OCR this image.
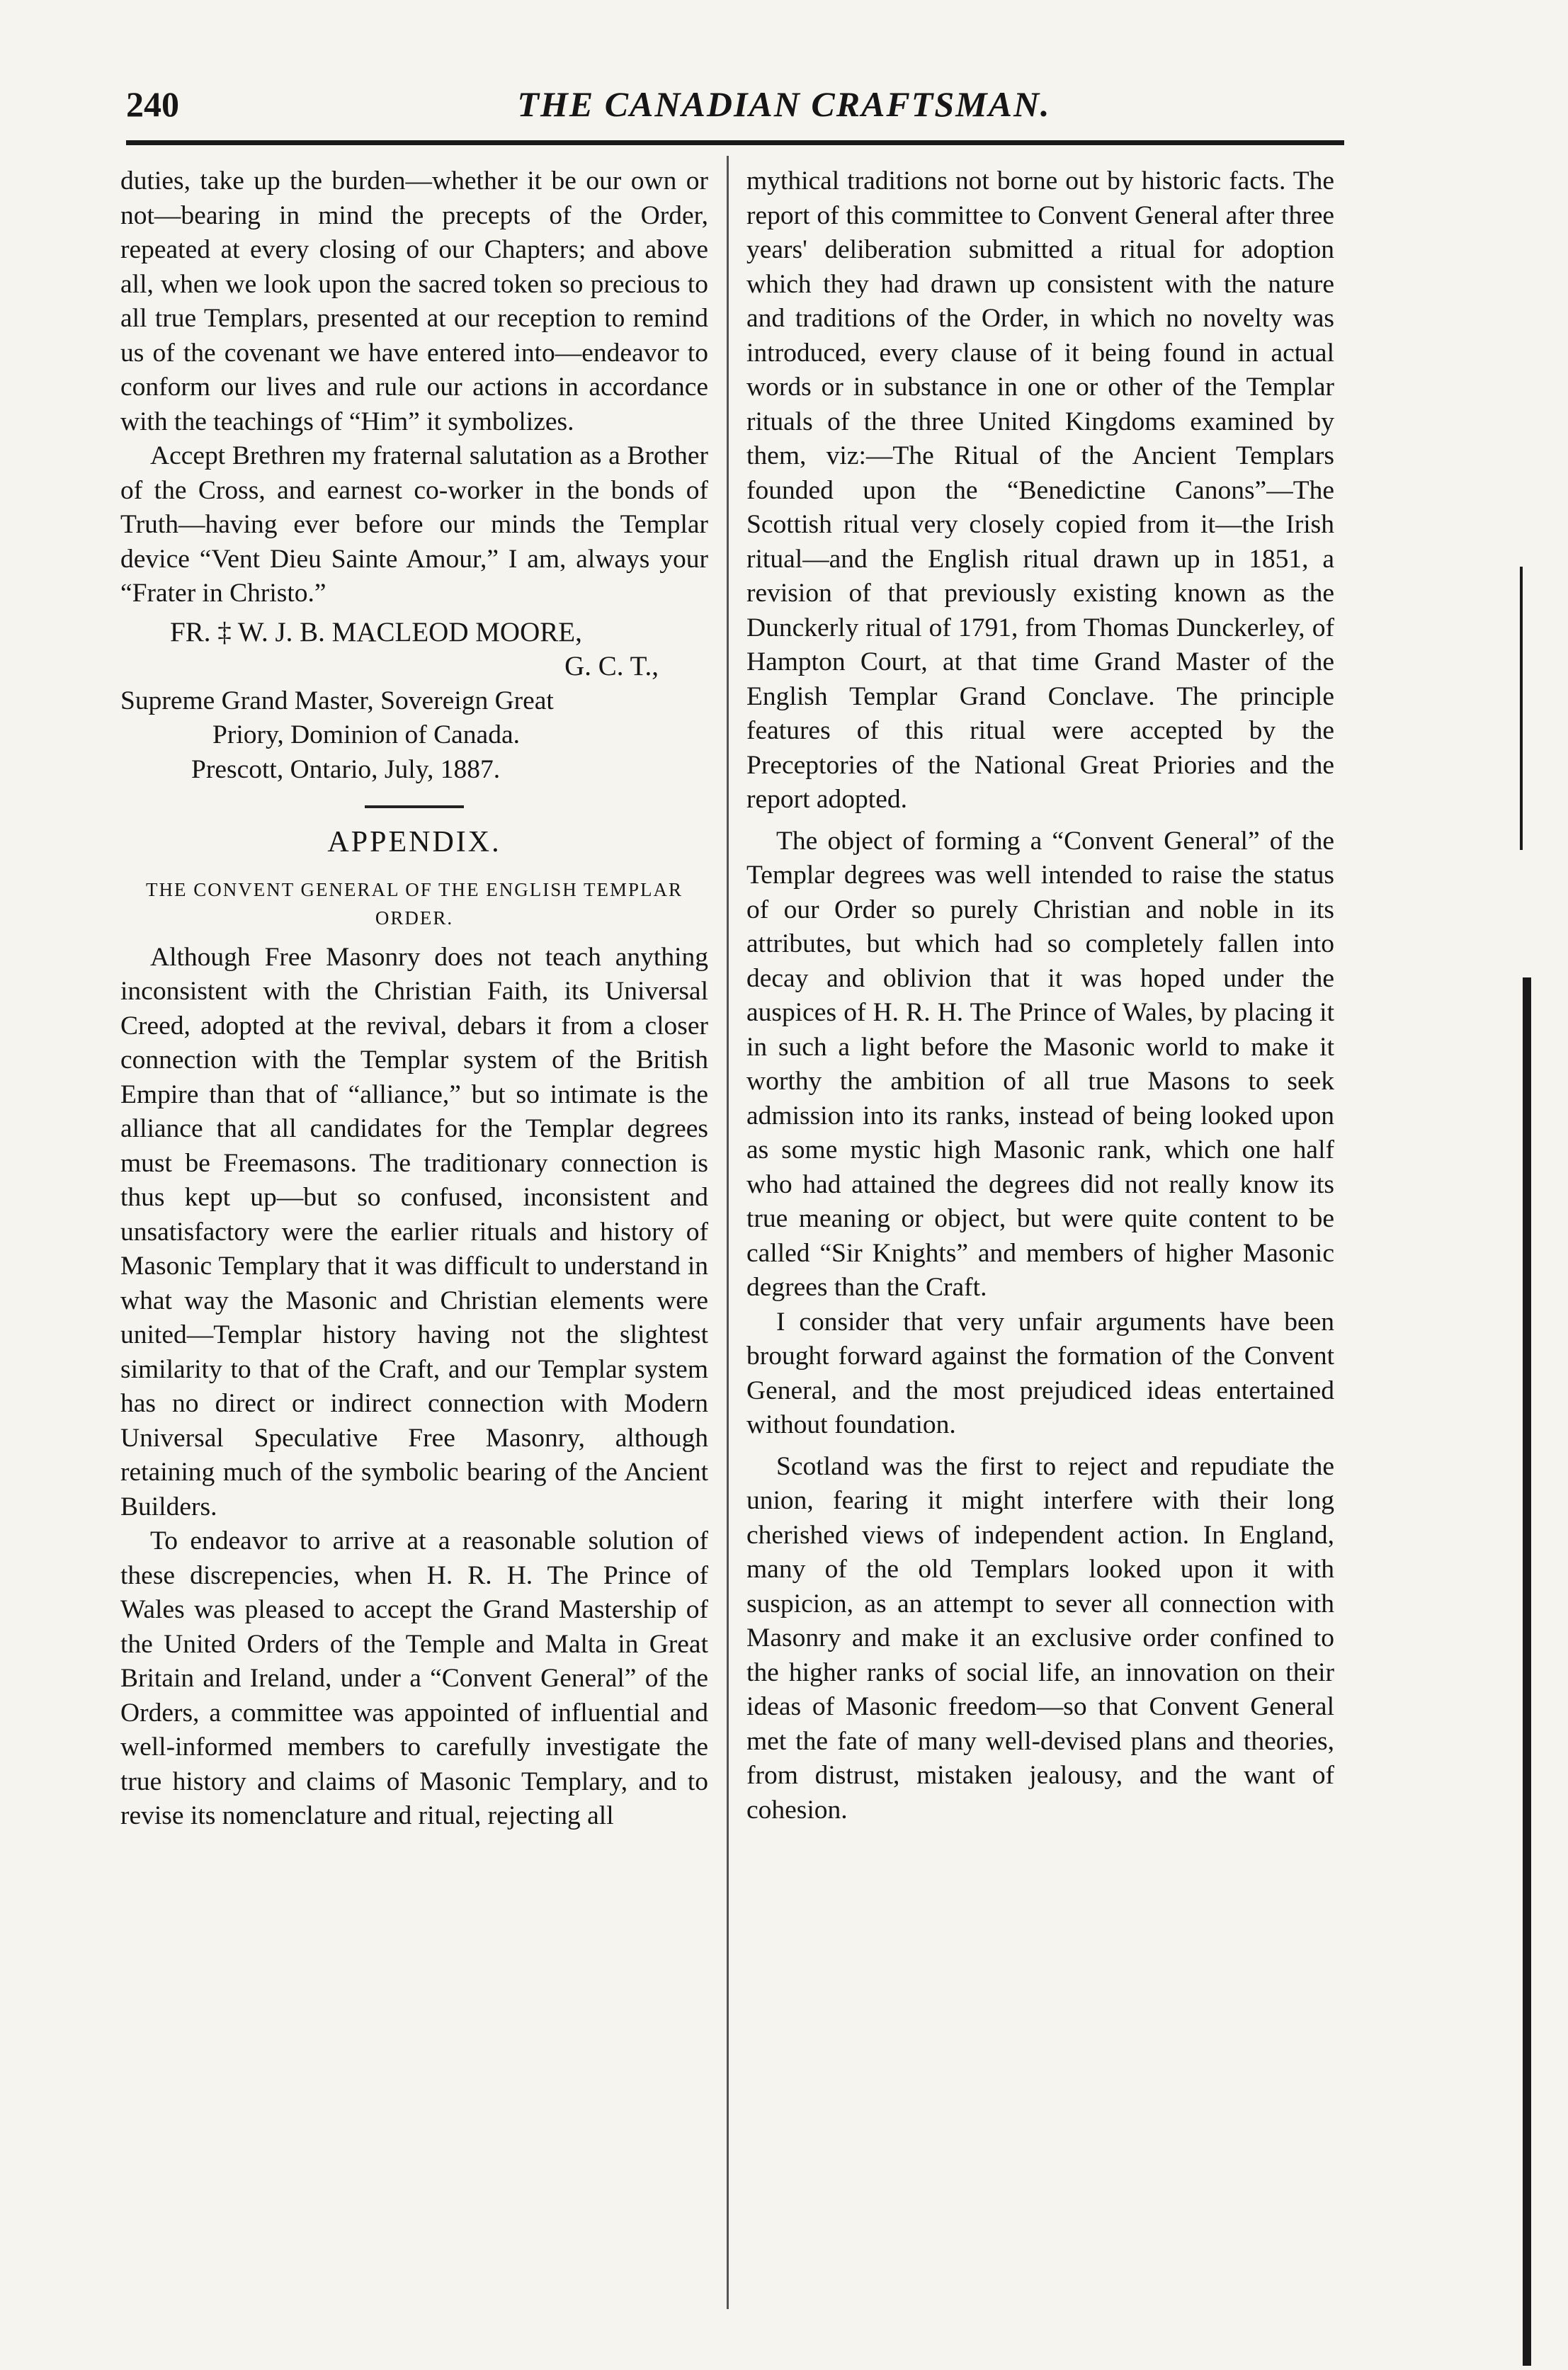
240	THE CANADIAN CRAFTSMAN.

duties, take up the burden—whether it be our own or not—bearing in mind the precepts of the Order, repeated at every closing of our Chapters; and above all, when we look upon the sacred token so precious to all true Templars, presented at our reception to remind us of the covenant we have entered into—endeavor to conform our lives and rule our actions in accordance with the teachings of “Him” it symbolizes.

Accept Brethren my fraternal salutation as a Brother of the Cross, and earnest co-worker in the bonds of Truth—having ever before our minds the Templar device “Vent Dieu Sainte Amour,” I am, always your “Frater in Christo.”

FR. ‡ W. J. B. MACLEOD MOORE,
G. C. T.,
Supreme Grand Master, Sovereign Great
Priory, Dominion of Canada.
Prescott, Ontario, July, 1887.
APPENDIX.
THE CONVENT GENERAL OF THE ENGLISH TEMPLAR ORDER.

Although Free Masonry does not teach anything inconsistent with the Christian Faith, its Universal Creed, adopted at the revival, debars it from a closer connection with the Templar system of the British Empire than that of “alliance,” but so intimate is the alliance that all candidates for the Templar degrees must be Freemasons. The traditionary connection is thus kept up—but so confused, inconsistent and unsatisfactory were the earlier rituals and history of Masonic Templary that it was difficult to understand in what way the Masonic and Christian elements were united—Templar history having not the slightest similarity to that of the Craft, and our Templar system has no direct or indirect connection with Modern Universal Speculative Free Masonry, although retaining much of the symbolic bearing of the Ancient Builders.

To endeavor to arrive at a reasonable solution of these discrepencies, when H. R. H. The Prince of Wales was pleased to accept the Grand Mastership of the United Orders of the Temple and Malta in Great Britain and Ireland, under a “Convent General” of the Orders, a committee was appointed of influential and well-informed members to carefully investigate the true history and claims of Masonic Templary, and to revise its nomenclature and ritual, rejecting all

mythical traditions not borne out by historic facts. The report of this committee to Convent General after three years' deliberation submitted a ritual for adoption which they had drawn up consistent with the nature and traditions of the Order, in which no novelty was introduced, every clause of it being found in actual words or in substance in one or other of the Templar rituals of the three United Kingdoms examined by them, viz:—The Ritual of the Ancient Templars founded upon the “Benedictine Canons”—The Scottish ritual very closely copied from it—the Irish ritual—and the English ritual drawn up in 1851, a revision of that previously existing known as the Dunckerly ritual of 1791, from Thomas Dunckerley, of Hampton Court, at that time Grand Master of the English Templar Grand Conclave. The principle features of this ritual were accepted by the Preceptories of the National Great Priories and the report adopted.

The object of forming a “Convent General” of the Templar degrees was well intended to raise the status of our Order so purely Christian and noble in its attributes, but which had so completely fallen into decay and oblivion that it was hoped under the auspices of H. R. H. The Prince of Wales, by placing it in such a light before the Masonic world to make it worthy the ambition of all true Masons to seek admission into its ranks, instead of being looked upon as some mystic high Masonic rank, which one half who had attained the degrees did not really know its true meaning or object, but were quite content to be called “Sir Knights” and members of higher Masonic degrees than the Craft.

I consider that very unfair arguments have been brought forward against the formation of the Convent General, and the most prejudiced ideas entertained without foundation.

Scotland was the first to reject and repudiate the union, fearing it might interfere with their long cherished views of independent action. In England, many of the old Templars looked upon it with suspicion, as an attempt to sever all connection with Masonry and make it an exclusive order confined to the higher ranks of social life, an innovation on their ideas of Masonic freedom—so that Convent General met the fate of many well-devised plans and theories, from distrust, mistaken jealousy, and the want of cohesion.
